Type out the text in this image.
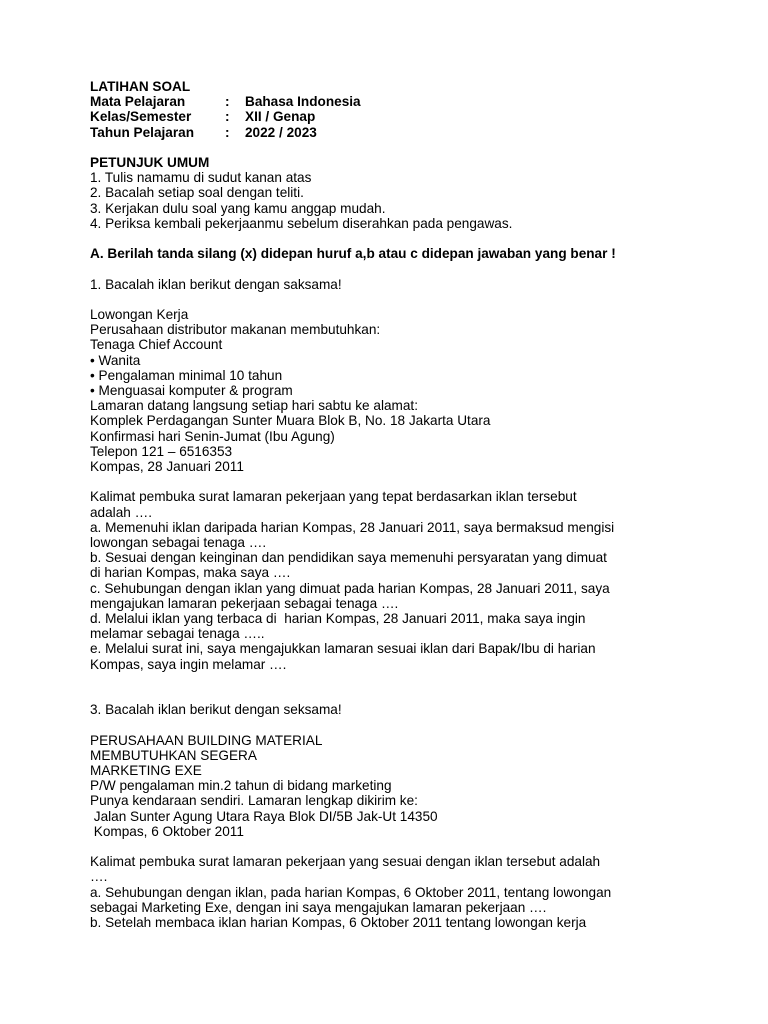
LATIHAN SOAL
Mata Pelajaran	:	Bahasa Indonesia
Kelas/Semester	:	XII / Genap
Tahun Pelajaran	:	2022 / 2023
PETUNJUK UMUM
1. Tulis namamu di sudut kanan atas
2. Bacalah setiap soal dengan teliti.
3. Kerjakan dulu soal yang kamu anggap mudah.
4. Periksa kembali pekerjaanmu sebelum diserahkan pada pengawas.
A. Berilah tanda silang (x) didepan huruf a,b atau c didepan jawaban yang benar !
1. Bacalah iklan berikut dengan saksama!
Lowongan Kerja
Perusahaan distributor makanan membutuhkan:
Tenaga Chief Account
• Wanita
• Pengalaman minimal 10 tahun
• Menguasai komputer & program
Lamaran datang langsung setiap hari sabtu ke alamat:
Komplek Perdagangan Sunter Muara Blok B, No. 18 Jakarta Utara
Konfirmasi hari Senin-Jumat (Ibu Agung)
Telepon 121 – 6516353
Kompas, 28 Januari 2011
Kalimat pembuka surat lamaran pekerjaan yang tepat berdasarkan iklan tersebut
adalah ….
a. Memenuhi iklan daripada harian Kompas, 28 Januari 2011, saya bermaksud mengisi
lowongan sebagai tenaga ….
b. Sesuai dengan keinginan dan pendidikan saya memenuhi persyaratan yang dimuat
di harian Kompas, maka saya ….
c. Sehubungan dengan iklan yang dimuat pada harian Kompas, 28 Januari 2011, saya
mengajukan lamaran pekerjaan sebagai tenaga ….
d. Melalui iklan yang terbaca di  harian Kompas, 28 Januari 2011, maka saya ingin
melamar sebagai tenaga …..
e. Melalui surat ini, saya mengajukkan lamaran sesuai iklan dari Bapak/Ibu di harian
Kompas, saya ingin melamar ….
3. Bacalah iklan berikut dengan seksama!
PERUSAHAAN BUILDING MATERIAL
MEMBUTUHKAN SEGERA
MARKETING EXE
P/W pengalaman min.2 tahun di bidang marketing
Punya kendaraan sendiri. Lamaran lengkap dikirim ke:
Jalan Sunter Agung Utara Raya Blok DI/5B Jak-Ut 14350
Kompas, 6 Oktober 2011
Kalimat pembuka surat lamaran pekerjaan yang sesuai dengan iklan tersebut adalah
….
a. Sehubungan dengan iklan, pada harian Kompas, 6 Oktober 2011, tentang lowongan
sebagai Marketing Exe, dengan ini saya mengajukan lamaran pekerjaan ….
b. Setelah membaca iklan harian Kompas, 6 Oktober 2011 tentang lowongan kerja
